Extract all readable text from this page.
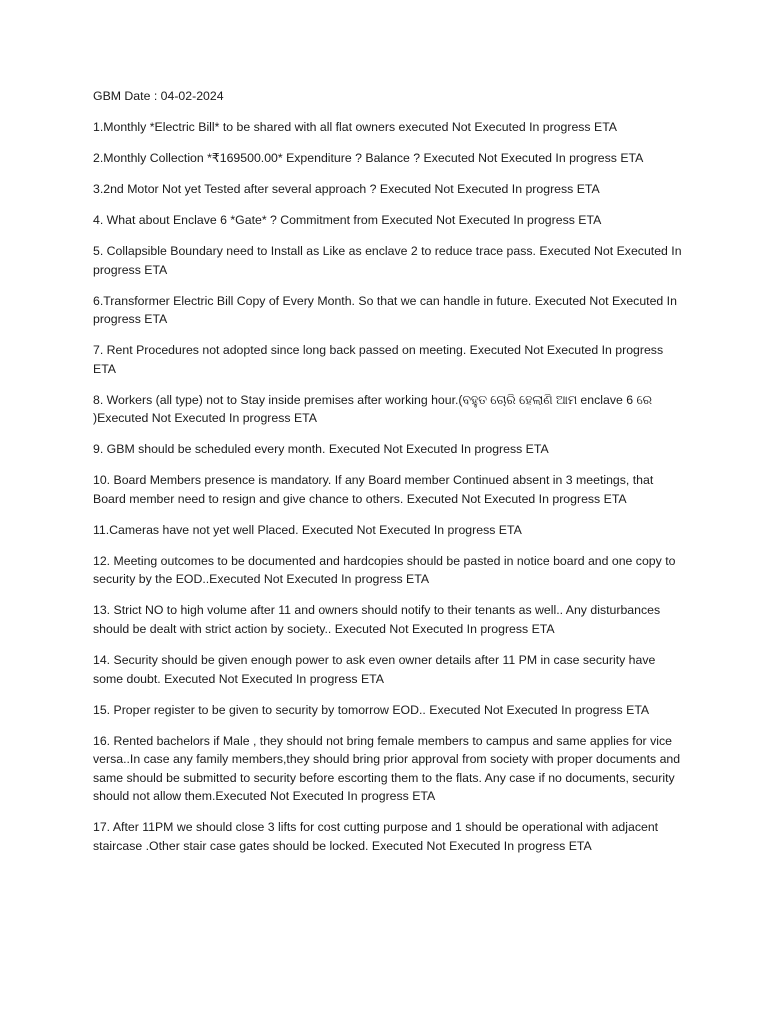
GBM Date : 04-02-2024

1.Monthly *Electric Bill* to be shared with all flat owners executed Not Executed In progress ETA

2.Monthly Collection *₹169500.00* Expenditure ? Balance ? Executed Not Executed In progress ETA

3.2nd Motor Not yet Tested after several approach ? Executed Not Executed In progress ETA

4. What about Enclave 6 *Gate* ? Commitment from Executed Not Executed In progress ETA

5. Collapsible Boundary need to Install as Like as enclave 2 to reduce trace pass. Executed Not Executed In progress ETA

6.Transformer Electric Bill Copy of Every Month. So that we can handle in future. Executed Not Executed In progress ETA

7. Rent Procedures not adopted since long back passed on meeting. Executed Not Executed In progress ETA

8. Workers (all type) not to Stay inside premises after working hour.(ବହୁତ ଚୋରି ହେଲାଣି ଆମ enclave 6 ରେ )Executed Not Executed In progress ETA

9. GBM should be scheduled every month. Executed Not Executed In progress ETA

10. Board Members presence is mandatory. If any Board member Continued absent in 3 meetings, that Board member need to resign and give chance to others. Executed Not Executed In progress ETA

11.Cameras have not yet well Placed. Executed Not Executed In progress ETA

12. Meeting outcomes to be documented and hardcopies should be pasted in notice board and one copy to security by the EOD..Executed Not Executed In progress ETA

13. Strict NO to high volume after 11 and owners should notify to their tenants as well.. Any disturbances should be dealt with strict action by society.. Executed Not Executed In progress ETA

14. Security should be given enough power to ask even owner details after 11 PM in case security have some doubt. Executed Not Executed In progress ETA

15. Proper register to be given to security by tomorrow EOD.. Executed Not Executed In progress ETA

16. Rented bachelors if Male , they should not bring female members to campus and same applies for vice versa..In case any family members,they should bring prior approval from society with proper documents and same should be submitted to security before escorting them to the flats. Any case if no documents, security should not allow them.Executed Not Executed In progress ETA

17. After 11PM we should close 3 lifts for cost cutting purpose and 1 should be operational with adjacent staircase .Other stair case gates should be locked. Executed Not Executed In progress ETA
